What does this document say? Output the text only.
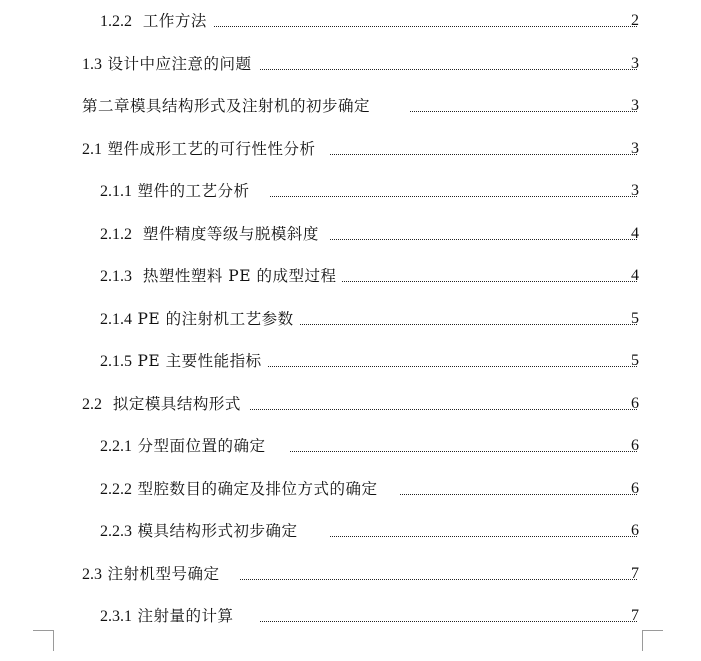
1.2.2 工作方法	2
1.3 设计中应注意的问题	3
第二章模具结构形式及注射机的初步确定	3
2.1 塑件成形工艺的可行性性分析	3
2.1.1 塑件的工艺分析	3
2.1.2 塑件精度等级与脱模斜度	4
2.1.3 热塑性塑料 PE 的成型过程	4
2.1.4 PE 的注射机工艺参数	5
2.1.5 PE 主要性能指标	5
2.2 拟定模具结构形式	6
2.2.1 分型面位置的确定	6
2.2.2 型腔数目的确定及排位方式的确定	6
2.2.3 模具结构形式初步确定	6
2.3 注射机型号确定	7
2.3.1 注射量的计算	7
